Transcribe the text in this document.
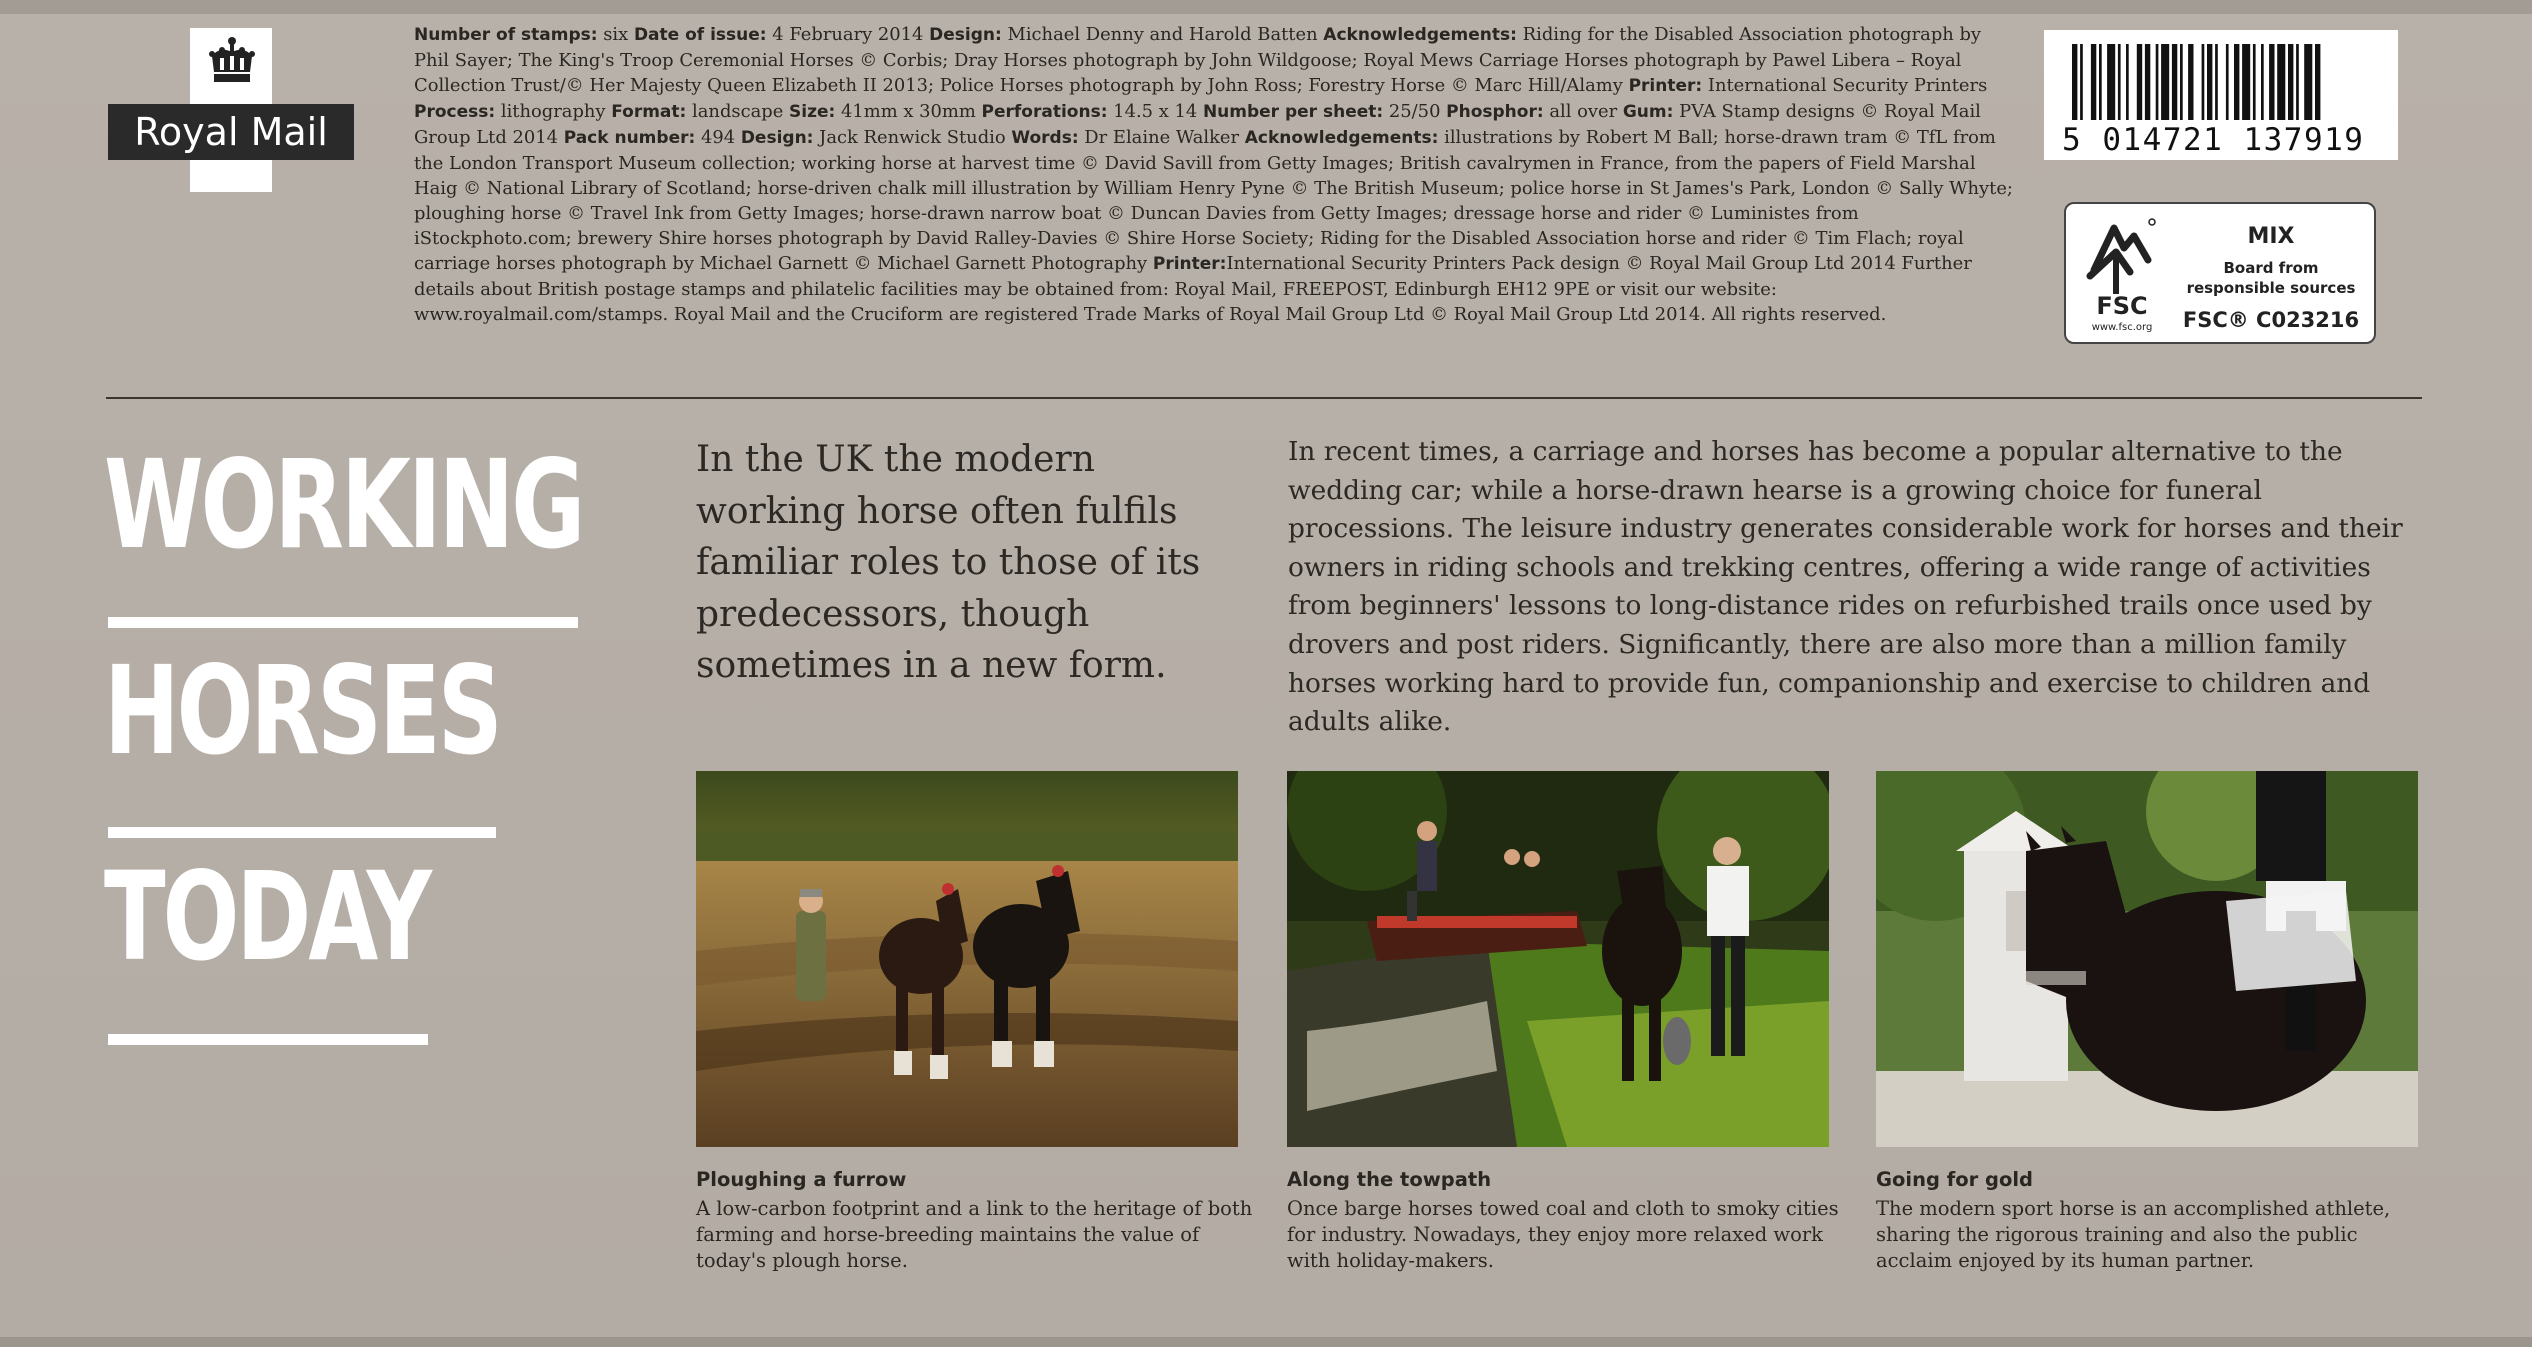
Royal Mail
Number of stamps: six Date of issue: 4 February 2014 Design: Michael Denny and Harold Batten Acknowledgements: Riding for the Disabled Association photograph by Phil Sayer; The King's Troop Ceremonial Horses © Corbis; Dray Horses photograph by John Wildgoose; Royal Mews Carriage Horses photograph by Pawel Libera – Royal Collection Trust/© Her Majesty Queen Elizabeth II 2013; Police Horses photograph by John Ross; Forestry Horse © Marc Hill/Alamy Printer: International Security Printers Process: lithography Format: landscape Size: 41mm x 30mm Perforations: 14.5 x 14 Number per sheet: 25/50 Phosphor: all over Gum: PVA Stamp designs © Royal Mail Group Ltd 2014 Pack number: 494 Design: Jack Renwick Studio Words: Dr Elaine Walker Acknowledgements: illustrations by Robert M Ball; horse-drawn tram © TfL from the London Transport Museum collection; working horse at harvest time © David Savill from Getty Images; British cavalrymen in France, from the papers of Field Marshal Haig © National Library of Scotland; horse-driven chalk mill illustration by William Henry Pyne © The British Museum; police horse in St James's Park, London © Sally Whyte; ploughing horse © Travel Ink from Getty Images; horse-drawn narrow boat © Duncan Davies from Getty Images; dressage horse and rider © Luministes from iStockphoto.com; brewery Shire horses photograph by David Ralley-Davies © Shire Horse Society; Riding for the Disabled Association horse and rider © Tim Flach; royal carriage horses photograph by Michael Garnett © Michael Garnett Photography Printer:International Security Printers Pack design © Royal Mail Group Ltd 2014 Further details about British postage stamps and philatelic facilities may be obtained from: Royal Mail, FREEPOST, Edinburgh EH12 9PE or visit our website: www.royalmail.com/stamps. Royal Mail and the Cruciform are registered Trade Marks of Royal Mail Group Ltd © Royal Mail Group Ltd 2014. All rights reserved.
5 014721 137919
FSC
www.fsc.org
MIX
Board from responsible sources
FSC® C023216
WORKING
HORSES
TODAY
In the UK the modern working horse often fulfils familiar roles to those of its predecessors, though sometimes in a new form.
In recent times, a carriage and horses has become a popular alternative to the wedding car; while a horse-drawn hearse is a growing choice for funeral processions. The leisure industry generates considerable work for horses and their owners in riding schools and trekking centres, offering a wide range of activities from beginners' lessons to long-distance rides on refurbished trails once used by drovers and post riders. Significantly, there are also more than a million family horses working hard to provide fun, companionship and exercise to children and adults alike.
Ploughing a furrow
A low-carbon footprint and a link to the heritage of both farming and horse-breeding maintains the value of today's plough horse.
Along the towpath
Once barge horses towed coal and cloth to smoky cities for industry. Nowadays, they enjoy more relaxed work with holiday-makers.
Going for gold
The modern sport horse is an accomplished athlete, sharing the rigorous training and also the public acclaim enjoyed by its human partner.
